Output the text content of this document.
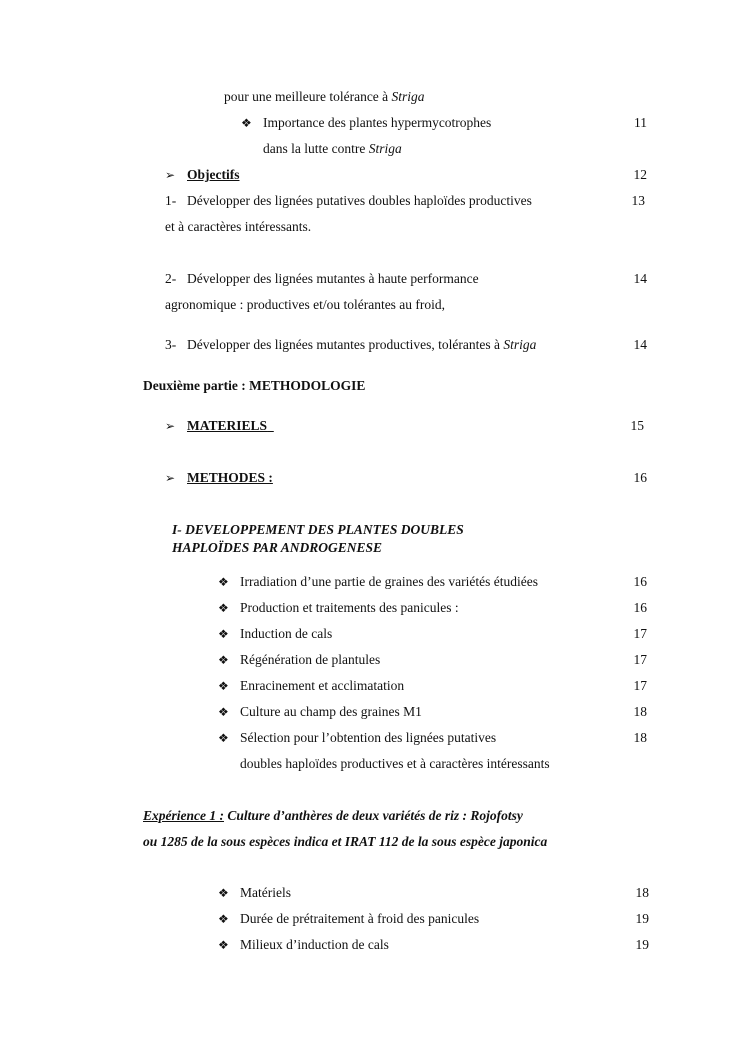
pour une meilleure tolérance à Striga
❖ Importance des plantes hypermycotrophes	11
dans la lutte contre Striga
➢ Objectifs	12
1- Développer des lignées putatives doubles haploïdes productives	13
et à caractères intéressants.
2- Développer des lignées mutantes à haute performance	14
agronomique : productives et/ou tolérantes au froid,
3- Développer des lignées mutantes productives, tolérantes à Striga	14
Deuxième partie : METHODOLOGIE
➢ MATERIELS	15
➢ METHODES :	16
I- DEVELOPPEMENT DES PLANTES DOUBLES
HAPLOÏDES PAR ANDROGENESE
❖ Irradiation d’une partie de graines des variétés étudiées	16
❖ Production et traitements des panicules :	16
❖ Induction de cals	17
❖ Régénération de plantules	17
❖ Enracinement et acclimatation	17
❖ Culture au champ des graines M1	18
❖ Sélection pour l’obtention des lignées putatives	18
doubles haploïdes productives et à caractères intéressants
Expérience 1 : Culture d’anthères de deux variétés de riz : Rojofotsy
ou 1285 de la sous espèces indica et IRAT 112 de la sous espèce japonica
❖ Matériels	18
❖ Durée de prétraitement à froid des panicules	19
❖ Milieux d’induction de cals	19
